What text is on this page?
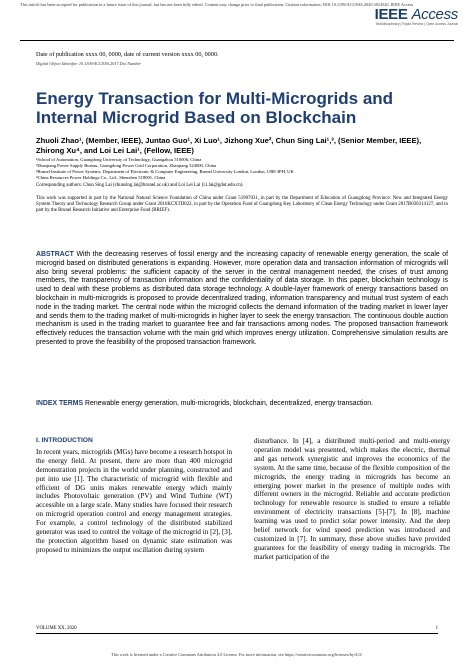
This article has been accepted for publication in a future issue of this journal, but has not been fully edited. Content may change prior to final publication. Citation information: DOI 10.1109/ACCESS.2020.3014520, IEEE Access
IEEE Access
Multidisciplinary | Rapid Review | Open Access Journal
Date of publication xxxx 00, 0000, date of current version xxxx 00, 0000.
Digital Object Identifier 10.1109/ACCESS.2017.Doi Number
Energy Transaction for Multi-Microgrids and Internal Microgrid Based on Blockchain
Zhuoli Zhao¹, (Member, IEEE), Juntao Guo¹, Xi Luo¹, Jizhong Xue², Chun Sing Lai¹,³, (Senior Member, IEEE), Zhirong Xu⁴, and Loi Lei Lai¹, (Fellow, IEEE)
¹School of Automation, Guangdong University of Technology, Guangzhou 510006, China
²Zhanjiang Power Supply Bureau, Guangdong Power Grid Corporation, Zhanjiang 524000, China
³Brunel Institute of Power Systems, Department of Electronic & Computer Engineering, Brunel University London, London, UB8 3PH, UK
⁴China Resources Power Holdings Co., Ltd., Shenzhen 518001, China
Corresponding authors: Chun Sing Lai (chunsing.lai@brunel.ac.uk) and Loi Lei Lai (l.l.lai@gdut.edu.cn).
This work was supported in part by the National Natural Science Foundation of China under Grant 51907031, in part by the Department of Education of Guangdong Province: New and Integrated Energy System Theory and Technology Research Group under Grant 2016KCXTD022, in part by the Operation Fund of Guangdong Key Laboratory of Clean Energy Technology under Grant 2017B030314127, and in part by the Brunel Research Initiative and Enterprise Fund (BRIEF).
ABSTRACT With the decreasing reserves of fossil energy and the increasing capacity of renewable energy generation, the scale of microgrid based on distributed generations is expanding. However, more operation data and transaction information of microgrids will also bring several problems: the sufficient capacity of the server in the central management needed, the crises of trust among members, the transparency of transaction information and the confidentiality of data storage. In this paper, blockchain technology is used to deal with these problems as distributed data storage technology. A double-layer framework of energy transactions based on blockchain in multi-microgrids is proposed to provide decentralized trading, information transparency and mutual trust system of each node in the trading market. The central node within the microgrid collects the demand information of the trading market in lower layer and sends them to the trading market of multi-microgrids in higher layer to seek the energy transaction. The continuous double auction mechanism is used in the trading market to guarantee free and fair transactions among nodes. The proposed transaction framework effectively reduces the transaction volume with the main grid which improves energy utilization. Comprehensive simulation results are presented to prove the feasibility of the proposed transaction framework.
INDEX TERMS Renewable energy generation, multi-microgrids, blockchain, decentralized, energy transaction.
I. INTRODUCTION
In recent years, microgrids (MGs) have become a research hotspot in the energy field. At present, there are more than 400 microgrid demonstration projects in the world under planning, constructed and put into use [1]. The characteristic of microgrid with flexible and efficient of DG units makes renewable energy which mainly includes Photovoltaic generation (PV) and Wind Turbine (WT) accessible on a large scale. Many studies have focused their research on microgrid operation control and energy management strategies. For example, a control technology of the distributed stabilized generator was used to control the voltage of the microgrid in [2], [3], the protection algorithm based on dynamic state estimation was proposed to minimizes the output oscillation during system
disturbance. In [4], a distributed multi-period and multi-energy operation model was presented, which makes the electric, thermal and gas network synergistic and improves the economics of the system. At the same time, because of the flexible composition of the microgrids, the energy trading in microgrids has become an emerging power market in the presence of multiple nodes with different owners in the microgrid. Reliable and accurate prediction technology for renewable resource is studied to ensure a reliable environment of electricity transactions [5]-[7]. In [8], machine learning was used to predict solar power intensity. And the deep belief network for wind speed prediction was introduced and customized in [7]. In summary, these above studies have provided guarantees for the feasibility of energy trading in microgrids. The market participation of the
VOLUME XX, 2020	1
This work is licensed under a Creative Commons Attribution 4.0 License. For more information, see https://creativecommons.org/licenses/by/4.0/.
